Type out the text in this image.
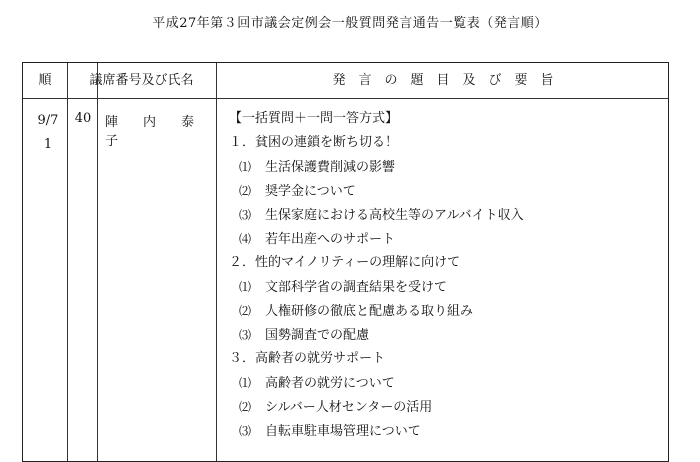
平成27年第３回市議会定例会一般質問発言通告一覧表（発言順）
順	議席番号及び氏名	発　言　の　題　目　及　び　要　旨
9/7
1
40 陣　内　泰　子
【一括質問＋一問一答方式】
１．貧困の連鎖を断ち切る！
⑴ 生活保護費削減の影響
⑵ 奨学金について
⑶ 生保家庭における高校生等のアルバイト収入
⑷ 若年出産へのサポート
２．性的マイノリティーの理解に向けて
⑴ 文部科学省の調査結果を受けて
⑵ 人権研修の徹底と配慮ある取り組み
⑶ 国勢調査での配慮
３．高齢者の就労サポート
⑴ 高齢者の就労について
⑵ シルバー人材センターの活用
⑶ 自転車駐車場管理について
